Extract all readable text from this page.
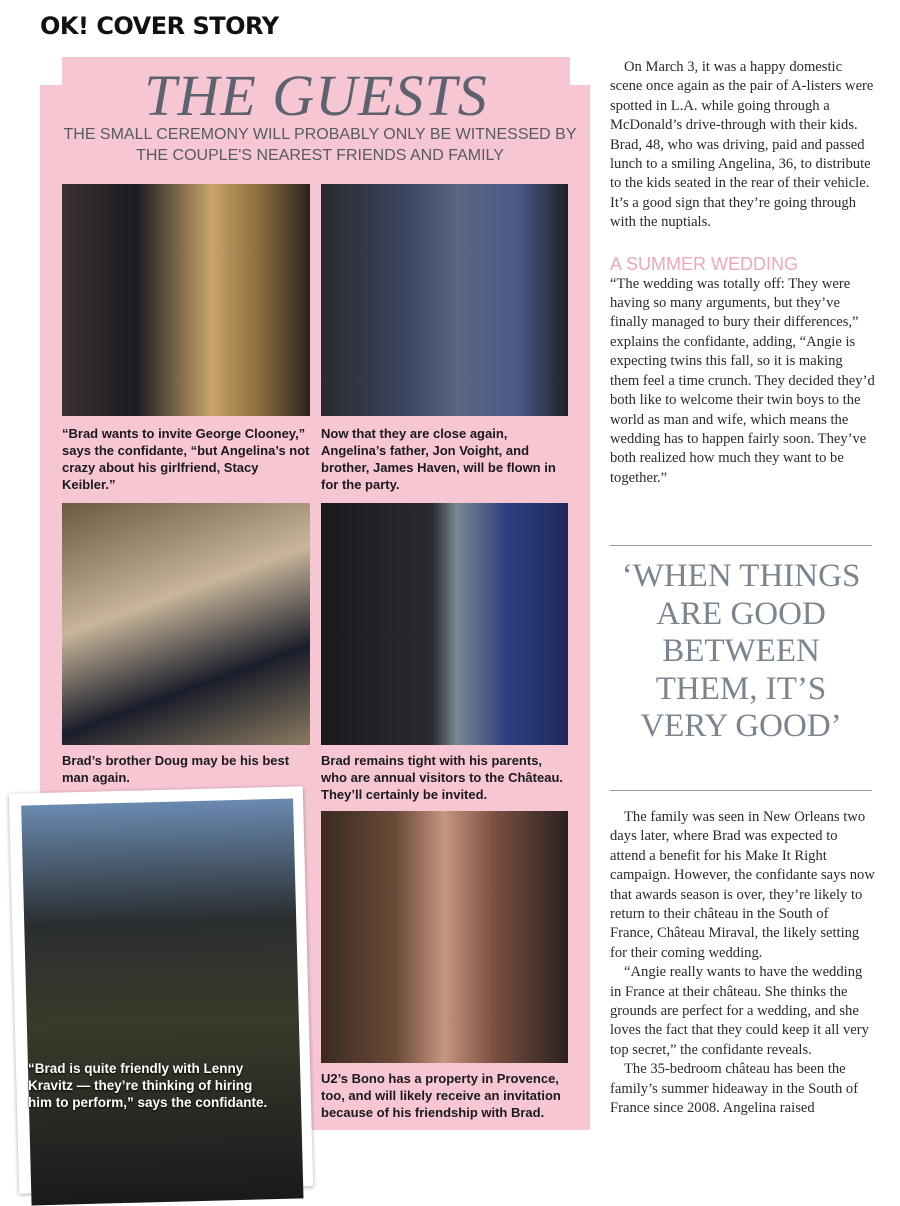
OK! COVER STORY
THE GUESTS
THE SMALL CEREMONY WILL PROBABLY ONLY BE WITNESSED BY THE COUPLE'S NEAREST FRIENDS AND FAMILY
“Brad wants to invite George Clooney,” says the confidante, “but Angelina’s not crazy about his girlfriend, Stacy Keibler.”
Now that they are close again, Angelina’s father, Jon Voight, and brother, James Haven, will be flown in for the party.
Brad’s brother Doug may be his best man again.
Brad remains tight with his parents, who are annual visitors to the Château. They’ll certainly be invited.
U2’s Bono has a property in Provence, too, and will likely receive an invitation because of his friendship with Brad.
“Brad is quite friendly with Lenny Kravitz — they’re thinking of hiring him to perform,” says the confidante.

On March 3, it was a happy domestic scene once again as the pair of A-listers were spotted in L.A. while going through a McDonald’s drive-through with their kids. Brad, 48, who was driving, paid and passed lunch to a smiling Angelina, 36, to distribute to the kids seated in the rear of their vehicle. It’s a good sign that they’re going through with the nuptials.

A SUMMER WEDDING

“The wedding was totally off: They were having so many arguments, but they’ve finally managed to bury their differences,” explains the confidante, adding, “Angie is expecting twins this fall, so it is making them feel a time crunch. They decided they’d both like to welcome their twin boys to the world as man and wife, which means the wedding has to happen fairly soon. They’ve both realized how much they want to be together.”

‘WHEN THINGS ARE GOOD BETWEEN THEM, IT’S VERY GOOD’

The family was seen in New Orleans two days later, where Brad was expected to attend a benefit for his Make It Right campaign. However, the confidante says now that awards season is over, they’re likely to return to their château in the South of France, Château Miraval, the likely setting for their coming wedding.

“Angie really wants to have the wedding in France at their château. She thinks the grounds are perfect for a wedding, and she loves the fact that they could keep it all very top secret,” the confidante reveals.

The 35-bedroom château has been the family’s summer hideaway in the South of France since 2008. Angelina raised
